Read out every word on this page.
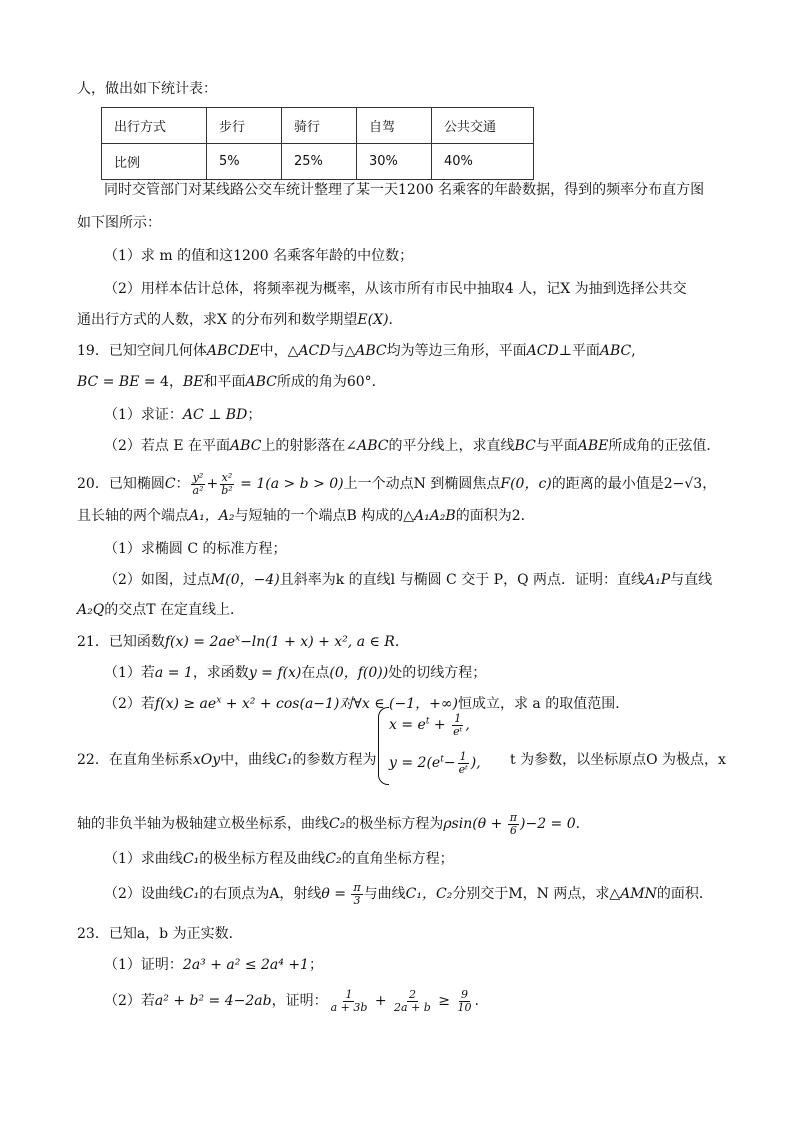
人，做出如下统计表：
出行方式	步行	骑行	自驾	公共交通
比例	5%	25%	30%	40%
同时交管部门对某线路公交车统计整理了某一天1200 名乘客的年龄数据，得到的频率分布直方图
如下图所示：
（1）求 m 的值和这1200 名乘客年龄的中位数；
（2）用样本估计总体，将频率视为概率，从该市所有市民中抽取4 人，记X 为抽到选择公共交
通出行方式的人数，求X 的分布列和数学期望E(X)．
19．已知空间几何体ABCDE中，△ACD与△ABC均为等边三角形，平面ACD⊥平面ABC,
BC = BE = 4，BE和平面ABC所成的角为60°．
（1）求证：AC ⊥ BD；
（2）若点 E 在平面ABC上的射影落在∠ABC的平分线上，求直线BC与平面ABE所成角的正弦值．
20．已知椭圆C： $\frac{\text{y²}}{\text{a²}} + \frac{\text{x²}}{\text{b²}} = 1(a > b > 0)$上一个动点N 到椭圆焦点F(0，c)的距离的最小值是2−√3，
且长轴的两个端点A₁，A₂与短轴的一个端点B 构成的△A₁A₂B的面积为2．
（1）求椭圆 C 的标准方程；
（2）如图，过点M(0，−4)且斜率为k 的直线l 与椭圆 C 交于 P，Q 两点．证明：直线A₁P与直线
A₂Q的交点T 在定直线上．
21．已知函数$f(x) = 2ae^x-\ln(1 + x) + x^2$, a ∈ R．
（1）若a = 1，求函数y = f(x)在点(0，f(0))处的切线方程；
（2）若$f(x) \ge ae^x + x^2 + \cos(a-1)$对∀x ∈ (−1，+∞)恒成立，求 a 的取值范围．
22．在直角坐标系xOy中，曲线C₁的参数方程为
$x = e^t + \frac{1}{\text{eᵗ}}$ ,
$y = 2(e^t- \frac{1}{\text{eᵗ}}$ ), t 为参数，以坐标原点O 为极点，x
轴的非负半轴为极轴建立极坐标系，曲线C₂的极坐标方程为$\rho\sin(\theta + \frac{\pi}{6} )-2 = 0$．
（1）求曲线C₁的极坐标方程及曲线C₂的直角坐标方程；
（2）设曲线C₁的右顶点为A，射线$\theta = \frac{\pi}{3}$ 与曲线C₁，C₂分别交于M，N 两点，求△AMN的面积．
23．已知a，b 为正实数．
（1）证明：2a³ + a² ≤ 2a⁴ +1；
（2）若a² + b² = 4−2ab，证明： $\frac{1}{a + 3b} + \frac{2}{2a + b} \ge \frac{9}{10}$ .
